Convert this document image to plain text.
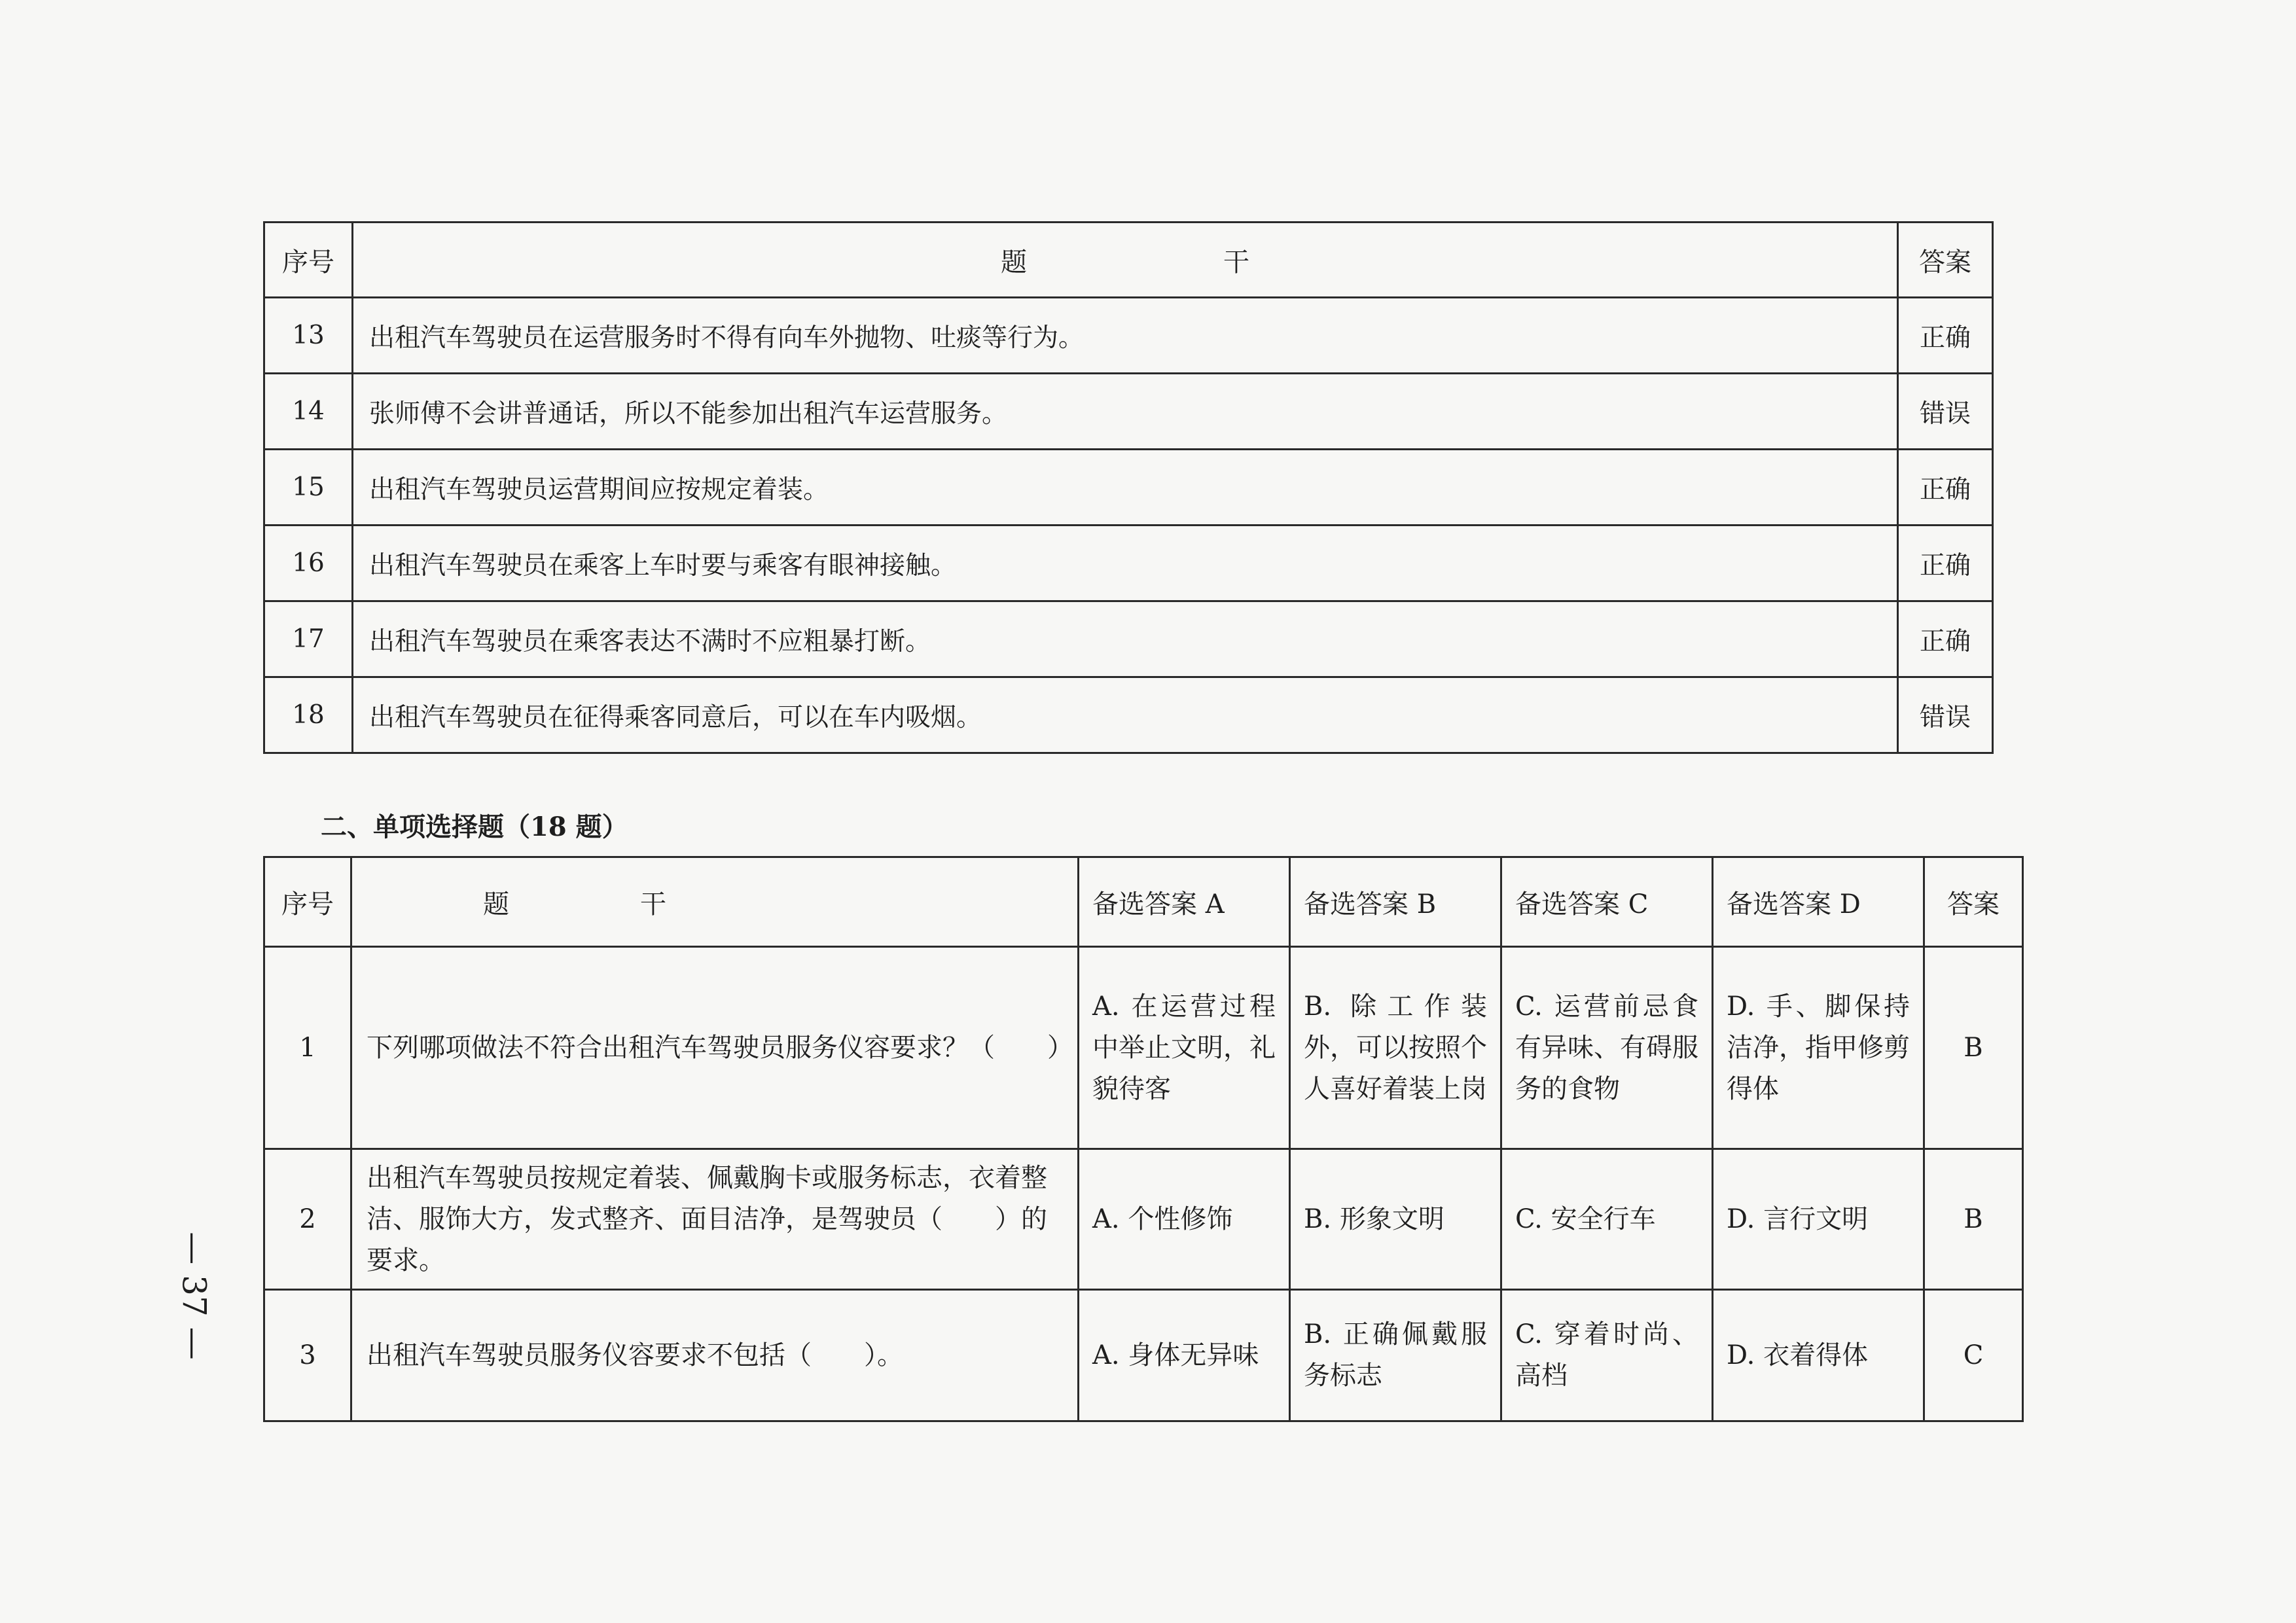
序号	题干	答案
13	出租汽车驾驶员在运营服务时不得有向车外抛物、吐痰等行为。	正确
14	张师傅不会讲普通话，所以不能参加出租汽车运营服务。	错误
15	出租汽车驾驶员运营期间应按规定着装。	正确
16	出租汽车驾驶员在乘客上车时要与乘客有眼神接触。	正确
17	出租汽车驾驶员在乘客表达不满时不应粗暴打断。	正确
18	出租汽车驾驶员在征得乘客同意后，可以在车内吸烟。	错误
二、单项选择题（18 题）
序号	题干	备选答案 A	备选答案 B	备选答案 C	备选答案 D	答案
1	下列哪项做法不符合出租汽车驾驶员服务仪容要求？（　　）	A. 在运营过程中举止文明，礼貌待客	B. 除工作装外，可以按照个人喜好着装上岗	C. 运营前忌食有异味、有碍服务的食物	D. 手、脚保持洁净，指甲修剪得体	B
2	出租汽车驾驶员按规定着装、佩戴胸卡或服务标志，衣着整洁、服饰大方，发式整齐、面目洁净，是驾驶员（　　）的要求。	A. 个性修饰	B. 形象文明	C. 安全行车	D. 言行文明	B
3	出租汽车驾驶员服务仪容要求不包括（　　）。	A. 身体无异味	B. 正确佩戴服务标志	C. 穿着时尚、高档	D. 衣着得体	C
— 37 —
